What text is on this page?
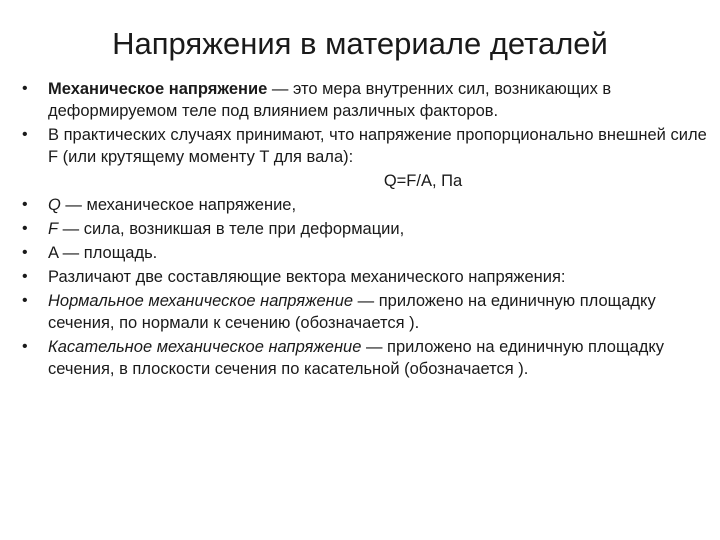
Напряжения в материале деталей
• Механическое напряжение — это мера внутренних сил, возникающих в деформируемом теле под влиянием различных факторов.
• В практических случаях принимают, что напряжение пропорционально внешней силе F (или крутящему моменту T для вала):
Q=F/A, Па
• Q — механическое напряжение,
• F — сила, возникшая в теле при деформации,
• A — площадь.
• Различают две составляющие вектора механического напряжения:
• Нормальное механическое напряжение — приложено на единичную площадку сечения, по нормали к сечению (обозначается ).
• Касательное механическое напряжение — приложено на единичную площадку сечения, в плоскости сечения по касательной (обозначается ).
